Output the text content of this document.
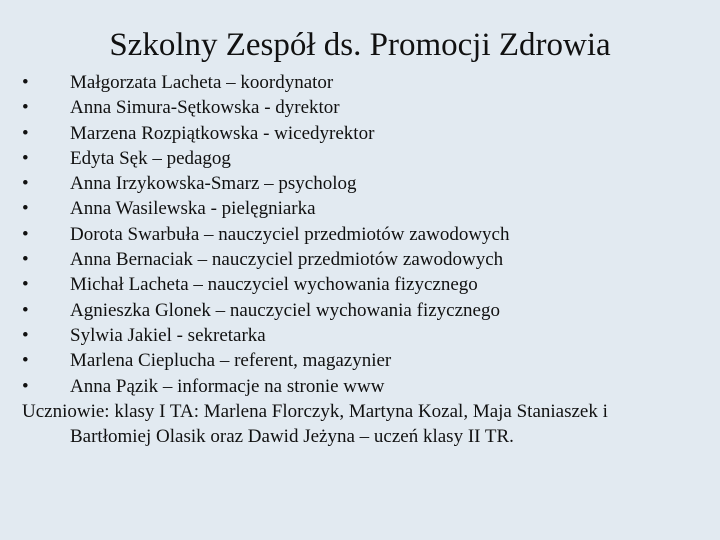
Szkolny Zespół ds. Promocji Zdrowia
• Małgorzata Lacheta – koordynator
• Anna Simura-Sętkowska - dyrektor
• Marzena Rozpiątkowska - wicedyrektor
• Edyta Sęk – pedagog
• Anna Irzykowska-Smarz – psycholog
• Anna Wasilewska - pielęgniarka
• Dorota Swarbuła – nauczyciel przedmiotów zawodowych
• Anna Bernaciak – nauczyciel przedmiotów zawodowych
• Michał Lacheta – nauczyciel wychowania fizycznego
• Agnieszka Glonek – nauczyciel wychowania fizycznego
• Sylwia Jakiel - sekretarka
• Marlena Cieplucha – referent, magazynier
• Anna Pązik – informacje na stronie www
Uczniowie: klasy I TA: Marlena Florczyk, Martyna Kozal, Maja Staniaszek i
Bartłomiej Olasik oraz Dawid Jeżyna – uczeń klasy II TR.
